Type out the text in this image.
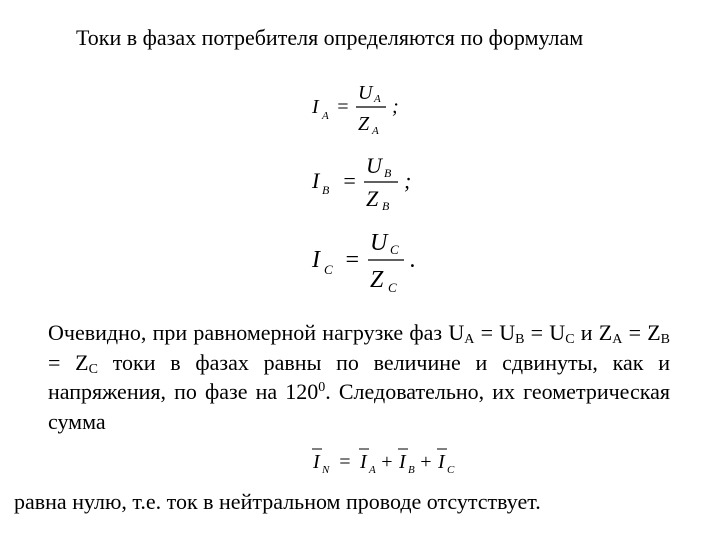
Токи в фазах потребителя определяются по формулам
I A =
U A
Z A
;
I B =
U B
Z B
;
I C =
U C
Z C
.
Очевидно, при равномерной нагрузке фаз $U_A = U_B = U_C$ и $Z_A = Z_B = Z_C$ токи в фазах равны по величине и сдвинуты, как и напряжения, по фазе на $120^0$. Следовательно, их геометрическая сумма
I N = I A + I B + I C
равна нулю, т.е. ток в нейтральном проводе отсутствует.
